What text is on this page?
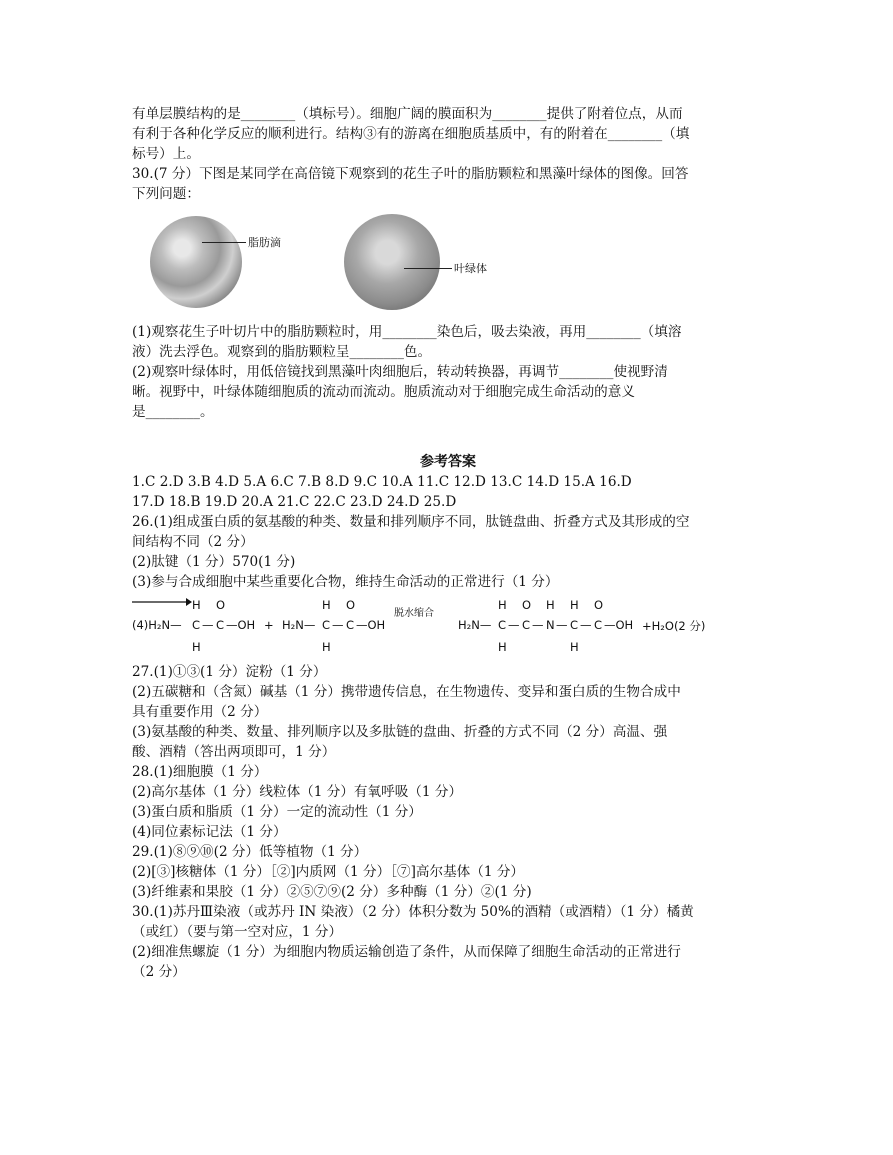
有单层膜结构的是________（填标号）。细胞广阔的膜面积为________提供了附着位点，从而
有利于各种化学反应的顺利进行。结构③有的游离在细胞质基质中，有的附着在________（填
标号）上。
30.(7 分）下图是某同学在高倍镜下观察到的花生子叶的脂肪颗粒和黑藻叶绿体的图像。回答
下列问题：
脂肪滴
叶绿体
(1)观察花生子叶切片中的脂肪颗粒时，用________染色后，吸去染液，再用________（填溶
液）洗去浮色。观察到的脂肪颗粒呈________色。
(2)观察叶绿体时，用低倍镜找到黑藻叶肉细胞后，转动转换器，再调节________使视野清
晰。视野中，叶绿体随细胞质的流动而流动。胞质流动对于细胞完成生命活动的意义
是________。
参考答案
1.C 2.D 3.B 4.D 5.A 6.C 7.B 8.D 9.C 10.A 11.C 12.D 13.C 14.D 15.A 16.D
17.D 18.B 19.D 20.A 21.C 22.C 23.D 24.D 25.D
26.(1)组成蛋白质的氨基酸的种类、数量和排列顺序不同，肽链盘曲、折叠方式及其形成的空
间结构不同（2 分）
(2)肽键（1 分）570(1 分)
(3)参与合成细胞中某些重要化合物，维持生命活动的正常进行（1 分）
(4)H₂N—
H
C
H
—
O
C —OH + H₂N—
H
C
H
—
O
C —OH
脱水缩合
H₂N—
H
C
H
—
O
C —
H
N —
H
C
H
—
O
C —OH +H₂O(2 分)
27.(1)①③(1 分）淀粉（1 分）
(2)五碳糖和（含氮）碱基（1 分）携带遗传信息，在生物遗传、变异和蛋白质的生物合成中
具有重要作用（2 分）
(3)氨基酸的种类、数量、排列顺序以及多肽链的盘曲、折叠的方式不同（2 分）高温、强
酸、酒精（答出两项即可，1 分）
28.(1)细胞膜（1 分）
(2)高尔基体（1 分）线粒体（1 分）有氧呼吸（1 分）
(3)蛋白质和脂质（1 分）一定的流动性（1 分）
(4)同位素标记法（1 分）
29.(1)⑧⑨⑩(2 分）低等植物（1 分）
(2)[③]核糖体（1 分）［②]内质网（1 分）［⑦]高尔基体（1 分）
(3)纤维素和果胶（1 分）②⑤⑦⑨(2 分）多种酶（1 分）②(1 分)
30.(1)苏丹Ⅲ染液（或苏丹 IN 染液）（2 分）体积分数为 50%的酒精（或酒精）（1 分）橘黄
（或红）（要与第一空对应，1 分）
(2)细准焦螺旋（1 分）为细胞内物质运输创造了条件，从而保障了细胞生命活动的正常进行
（2 分）
